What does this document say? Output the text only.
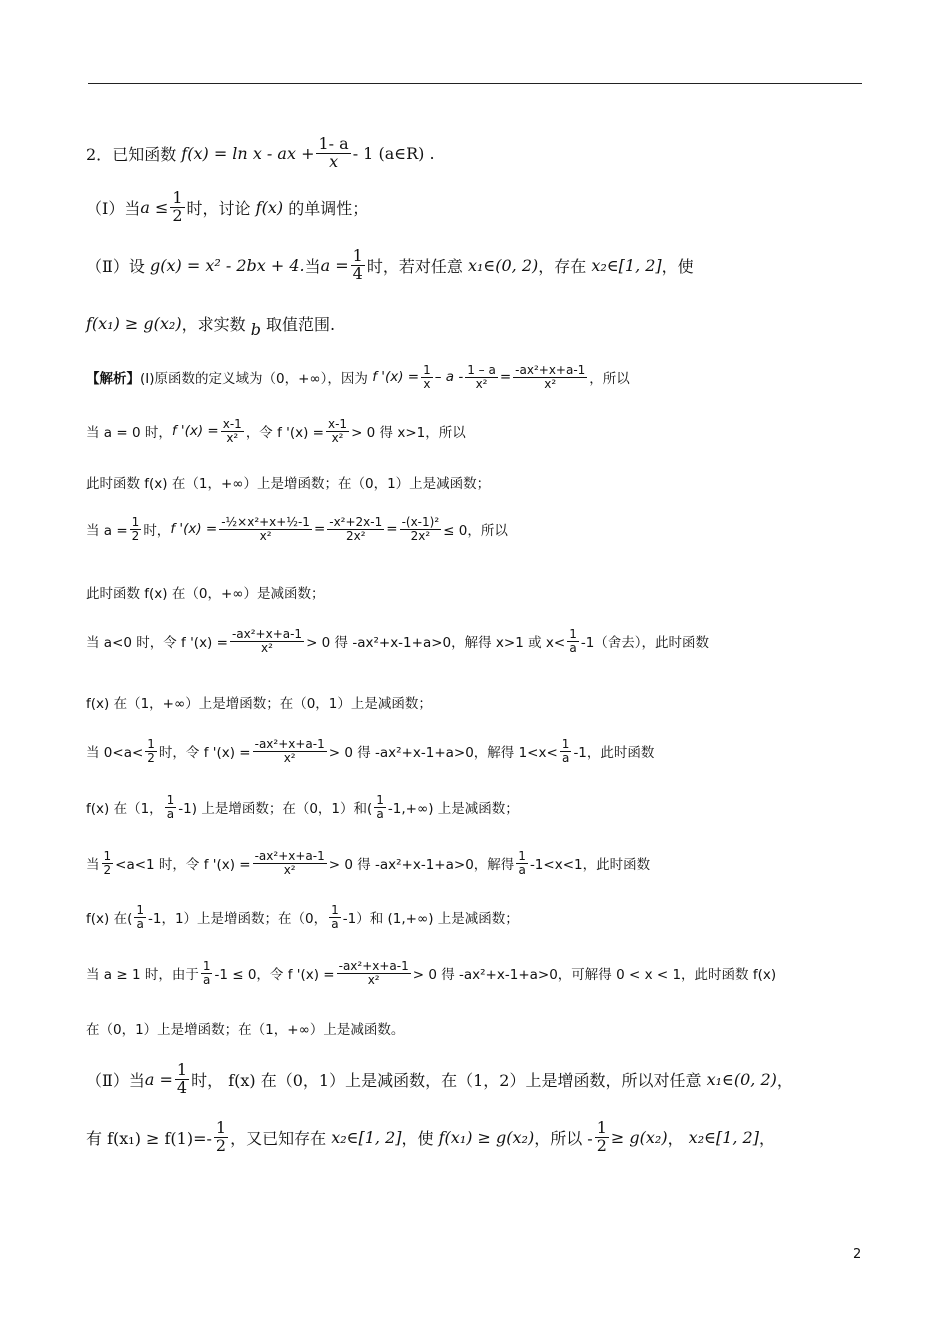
2． 已知函数
f(x) = ln x - ax + $\frac{1- a}{x} - 1$ (a∈R) .
（Ⅰ）当 $a \le \frac{1}{2}$ 时，讨论
f(x)
的单调性；
（Ⅱ）设
g(x) = x² - 2bx + 4. 当 $a = \frac{1}{4}$ 时，若对任意
x₁∈(0, 2) ，存在
x₂∈[1, 2] ，使
f(x₁) ≥ g(x₂) ，求实数
b
取值范围.
【解析】 (Ⅰ)原函数的定义域为（0，+∞），因为
f '$(x) = \frac{1}{x} - a - \frac{1 - a}{\text{x²}} = \frac{\text{-ax²+x+a-1}}{\text{x²}}$ ，所以
当 a = 0 时， f '$(x) = \frac{x-1}{\text{x²}}$ ，令 f '$(x) = \frac{x-1}{\text{x²}} > 0$ 得 x>1，所以
此时函数 f(x) 在（1，+∞）上是增函数；在（0，1）上是减函数；
当 $a = \frac{1}{2}$ 时， f '$(x) = \frac{\text{-½×x²+x+½-1}}{\text{x²}} = \frac{\text{-x²+2x-1}}{\text{2x²}} = \frac{\text{-(x-1)²}}{\text{2x²}} \le 0$，所以
此时函数 f(x) 在（0，+∞）是减函数；
当 a<0 时，令 f '$(x) = \frac{\text{-ax²+x+a-1}}{\text{x²}} > 0$ 得 -ax²+x-1+a>0，解得 x>1 或 x<
1
a -1（舍去），此时函数
f(x) 在（1，+∞）上是增函数；在（0，1）上是减函数；
当 0<a<
1
2 时，令 f '$(x) = \frac{\text{-ax²+x+a-1}}{\text{x²}} > 0$ 得 -ax²+x-1+a>0，解得 1<x<
1
a -1，此时函数
f(x) 在（1，
1
a -1) 上是增函数；在（0，1）和(
1
a -1,+∞) 上是减函数；
当
1
2 <a<1 时，令 f '$(x) = \frac{\text{-ax²+x+a-1}}{\text{x²}} > 0$ 得 -ax²+x-1+a>0，解得
1
a -1<x<1，此时函数
f(x) 在(
1
a -1，1）上是增函数；在（0，
1
a -1）和 (1,+∞) 上是减函数；
当 a ≥ 1 时，由于
1
a -1 ≤ 0，令 f '$(x) = \frac{\text{-ax²+x+a-1}}{\text{x²}} > 0$ 得 -ax²+x-1+a>0，可解得 0 < x < 1，此时函数 f(x)
在（0，1）上是增函数；在（1，+∞）上是减函数。
（Ⅱ）当 $a = \frac{1}{4}$ 时，
f(x) 在（0，1）上是减函数，在（1，2）上是增函数，所以对任意
x₁∈(0, 2) ，
有 f(x₁) ≥ f(1)=-
1
2 ，又已知存在
x₂∈[1, 2] ，使
f(x₁) ≥ g(x₂) ，所以 - $\frac{1}{2} \ge g(x_2)$ ，
x₂∈[1, 2] ，
2
